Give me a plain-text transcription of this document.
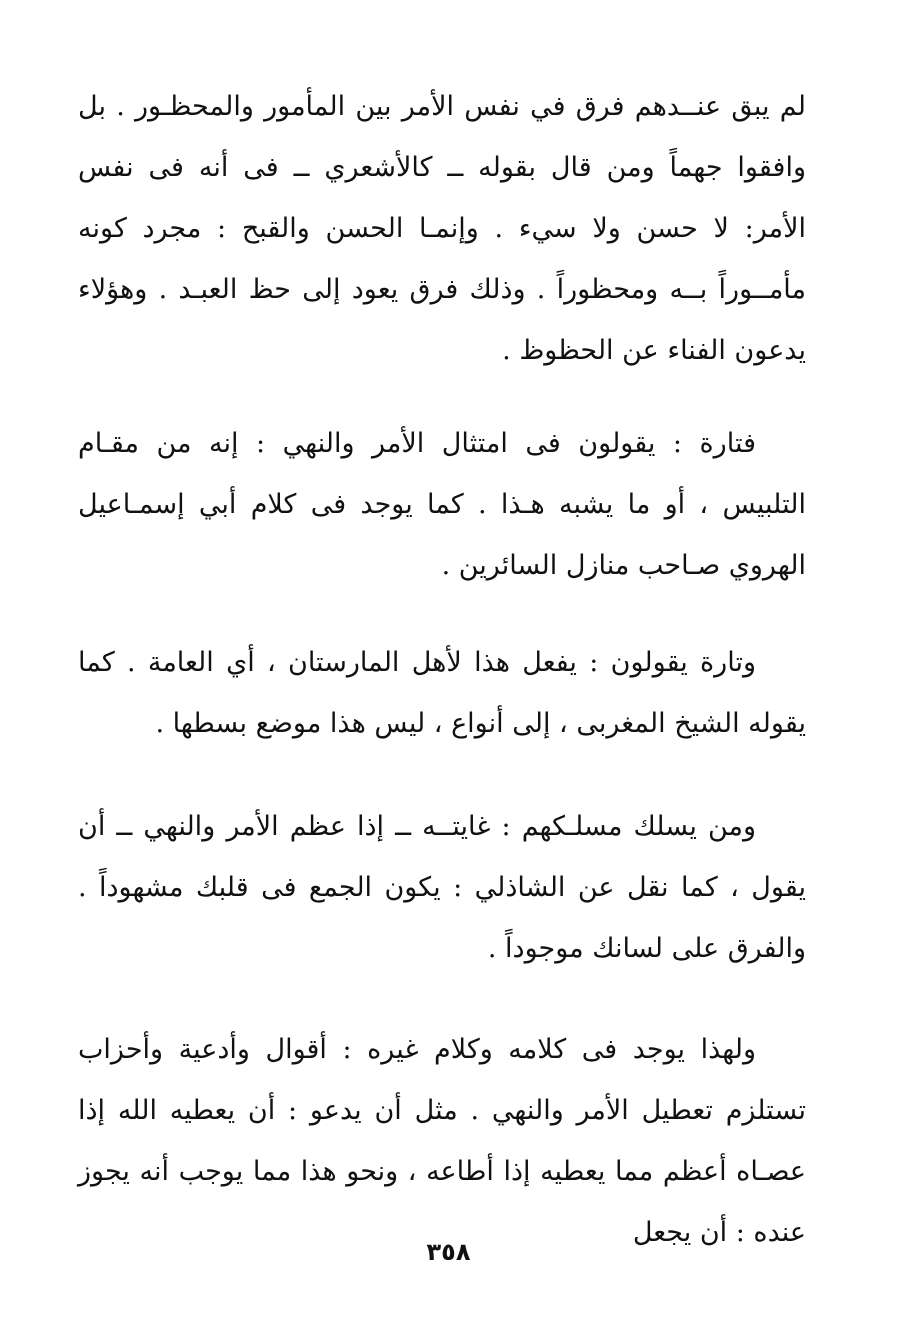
لم يبق عنــدهم فرق في نفس الأمر بين المأمور والمحظـور . بل وافقوا جهماً ومن قال بقوله ــ كالأشعري ــ فى أنه فى نفس الأمر: لا حسن ولا سيء . وإنمـا الحسن والقبح : مجرد كونه مأمــوراً بــه ومحظوراً . وذلك فرق يعود إلى حظ العبـد . وهؤلاء يدعون الفناء عن الحظوظ .

فتارة : يقولون فى امتثال الأمر والنهي : إنه من مقـام التلبيس ، أو ما يشبه هـذا . كما يوجد فى كلام أبي إسمـاعيل الهروي صـاحب منازل السائرين .

وتارة يقولون : يفعل هذا لأهل المارستان ، أي العامة . كما يقوله الشيخ المغربى ، إلى أنواع ، ليس هذا موضع بسطها .

ومن يسلك مسلـكهم : غايتــه ــ إذا عظم الأمر والنهي ــ أن يقول ، كما نقل عن الشاذلي : يكون الجمع فى قلبك مشهوداً . والفرق على لسانك موجوداً .

ولهذا يوجد فى كلامه وكلام غيره : أقوال وأدعية وأحزاب تستلزم تعطيل الأمر والنهي . مثل أن يدعو : أن يعطيه الله إذا عصـاه أعظم مما يعطيه إذا أطاعه ، ونحو هذا مما يوجب أنه يجوز عنده : أن يجعل

٣٥٨
